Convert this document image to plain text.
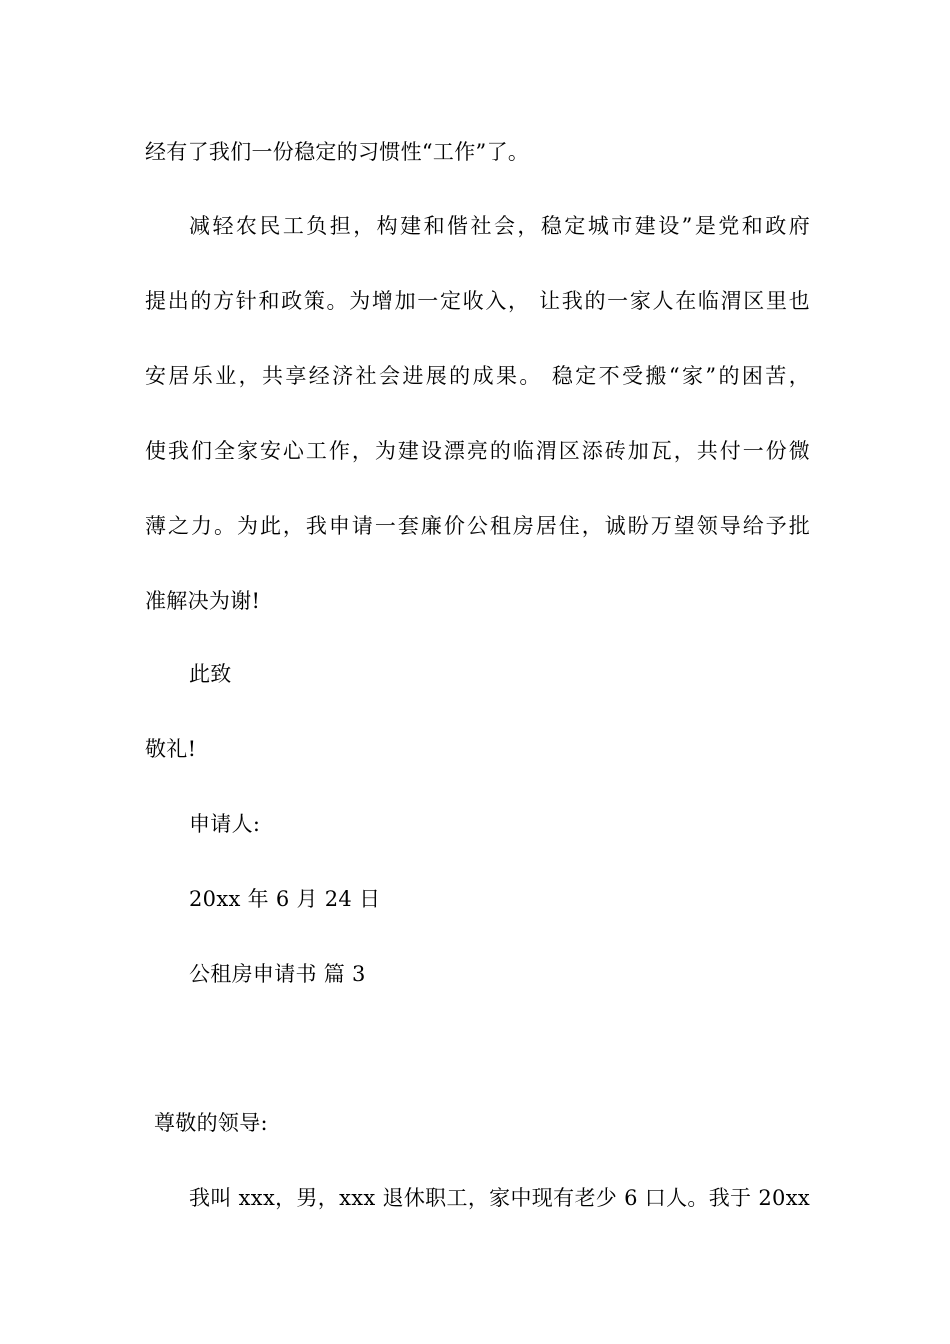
经有了我们一份稳定的习惯性“工作”了。
减轻农民工负担，构建和偕社会，稳定城市建设”是党和政府
提出的方针和政策。为增加一定收入， 让我的一家人在临渭区里也
安居乐业，共享经济社会进展的成果。 稳定不受搬“家”的困苦，
使我们全家安心工作，为建设漂亮的临渭区添砖加瓦，共付一份微
薄之力。为此，我申请一套廉价公租房居住，诚盼万望领导给予批
准解决为谢!
此致
敬礼!
申请人:
20xx 年 6 月 24 日
公租房申请书 篇 3
尊敬的领导:
我叫 xxx，男，xxx 退休职工，家中现有老少 6 口人。我于 20xx
